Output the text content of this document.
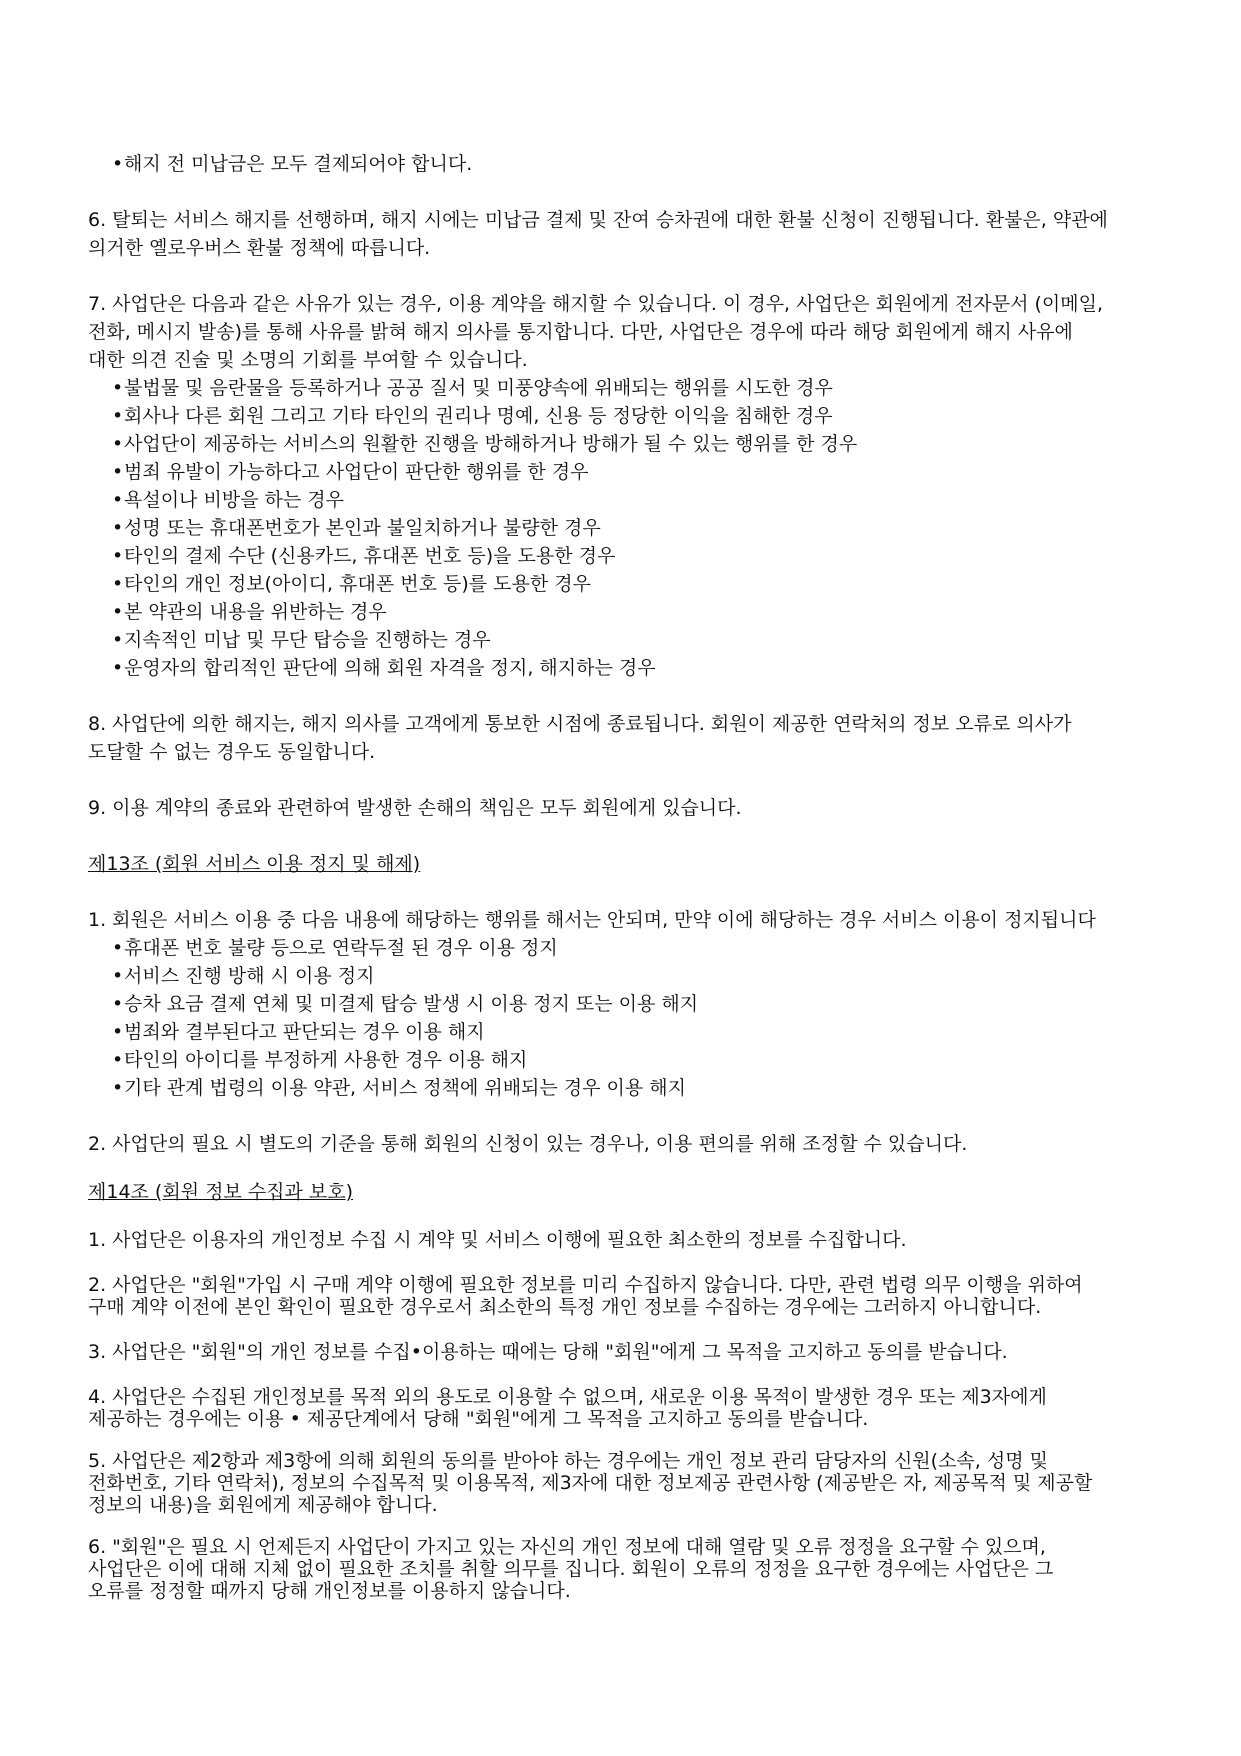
• 해지 전 미납금은 모두 결제되어야 합니다.

6. 탈퇴는 서비스 해지를 선행하며, 해지 시에는 미납금 결제 및 잔여 승차권에 대한 환불 신청이 진행됩니다. 환불은, 약관에

의거한 옐로우버스 환불 정책에 따릅니다.

7. 사업단은 다음과 같은 사유가 있는 경우, 이용 계약을 해지할 수 있습니다. 이 경우, 사업단은 회원에게 전자문서 (이메일,

전화, 메시지 발송)를 통해 사유를 밝혀 해지 의사를 통지합니다. 다만, 사업단은 경우에 따라 해당 회원에게 해지 사유에

대한 의견 진술 및 소명의 기회를 부여할 수 있습니다.

• 불법물 및 음란물을 등록하거나 공공 질서 및 미풍양속에 위배되는 행위를 시도한 경우
• 회사나 다른 회원 그리고 기타 타인의 권리나 명예, 신용 등 정당한 이익을 침해한 경우
• 사업단이 제공하는 서비스의 원활한 진행을 방해하거나 방해가 될 수 있는 행위를 한 경우
• 범죄 유발이 가능하다고 사업단이 판단한 행위를 한 경우
• 욕설이나 비방을 하는 경우
• 성명 또는 휴대폰번호가 본인과 불일치하거나 불량한 경우
• 타인의 결제 수단 (신용카드, 휴대폰 번호 등)을 도용한 경우
• 타인의 개인 정보(아이디, 휴대폰 번호 등)를 도용한 경우
• 본 약관의 내용을 위반하는 경우
• 지속적인 미납 및 무단 탑승을 진행하는 경우
• 운영자의 합리적인 판단에 의해 회원 자격을 정지, 해지하는 경우

8. 사업단에 의한 해지는, 해지 의사를 고객에게 통보한 시점에 종료됩니다. 회원이 제공한 연락처의 정보 오류로 의사가

도달할 수 없는 경우도 동일합니다.

9. 이용 계약의 종료와 관련하여 발생한 손해의 책임은 모두 회원에게 있습니다.

제13조 (회원 서비스 이용 정지 및 해제)

1. 회원은 서비스 이용 중 다음 내용에 해당하는 행위를 해서는 안되며, 만약 이에 해당하는 경우 서비스 이용이 정지됩니다

• 휴대폰 번호 불량 등으로 연락두절 된 경우 이용 정지
• 서비스 진행 방해 시 이용 정지
• 승차 요금 결제 연체 및 미결제 탑승 발생 시 이용 정지 또는 이용 해지
• 범죄와 결부된다고 판단되는 경우 이용 해지
• 타인의 아이디를 부정하게 사용한 경우 이용 해지
• 기타 관계 법령의 이용 약관, 서비스 정책에 위배되는 경우 이용 해지

2. 사업단의 필요 시 별도의 기준을 통해 회원의 신청이 있는 경우나, 이용 편의를 위해 조정할 수 있습니다.

제14조 (회원 정보 수집과 보호)

1. 사업단은 이용자의 개인정보 수집 시 계약 및 서비스 이행에 필요한 최소한의 정보를 수집합니다.

2. 사업단은 "회원"가입 시 구매 계약 이행에 필요한 정보를 미리 수집하지 않습니다. 다만, 관련 법령 의무 이행을 위하여

구매 계약 이전에 본인 확인이 필요한 경우로서 최소한의 특정 개인 정보를 수집하는 경우에는 그러하지 아니합니다.

3. 사업단은 "회원"의 개인 정보를 수집•이용하는 때에는 당해 "회원"에게 그 목적을 고지하고 동의를 받습니다.

4. 사업단은 수집된 개인정보를 목적 외의 용도로 이용할 수 없으며, 새로운 이용 목적이 발생한 경우 또는 제3자에게

제공하는 경우에는 이용 • 제공단계에서 당해 "회원"에게 그 목적을 고지하고 동의를 받습니다.

5. 사업단은 제2항과 제3항에 의해 회원의 동의를 받아야 하는 경우에는 개인 정보 관리 담당자의 신원(소속, 성명 및

전화번호, 기타 연락처), 정보의 수집목적 및 이용목적, 제3자에 대한 정보제공 관련사항 (제공받은 자, 제공목적 및 제공할

정보의 내용)을 회원에게 제공해야 합니다.

6. "회원"은 필요 시 언제든지 사업단이 가지고 있는 자신의 개인 정보에 대해 열람 및 오류 정정을 요구할 수 있으며,

사업단은 이에 대해 지체 없이 필요한 조치를 취할 의무를 집니다. 회원이 오류의 정정을 요구한 경우에는 사업단은 그

오류를 정정할 때까지 당해 개인정보를 이용하지 않습니다.
